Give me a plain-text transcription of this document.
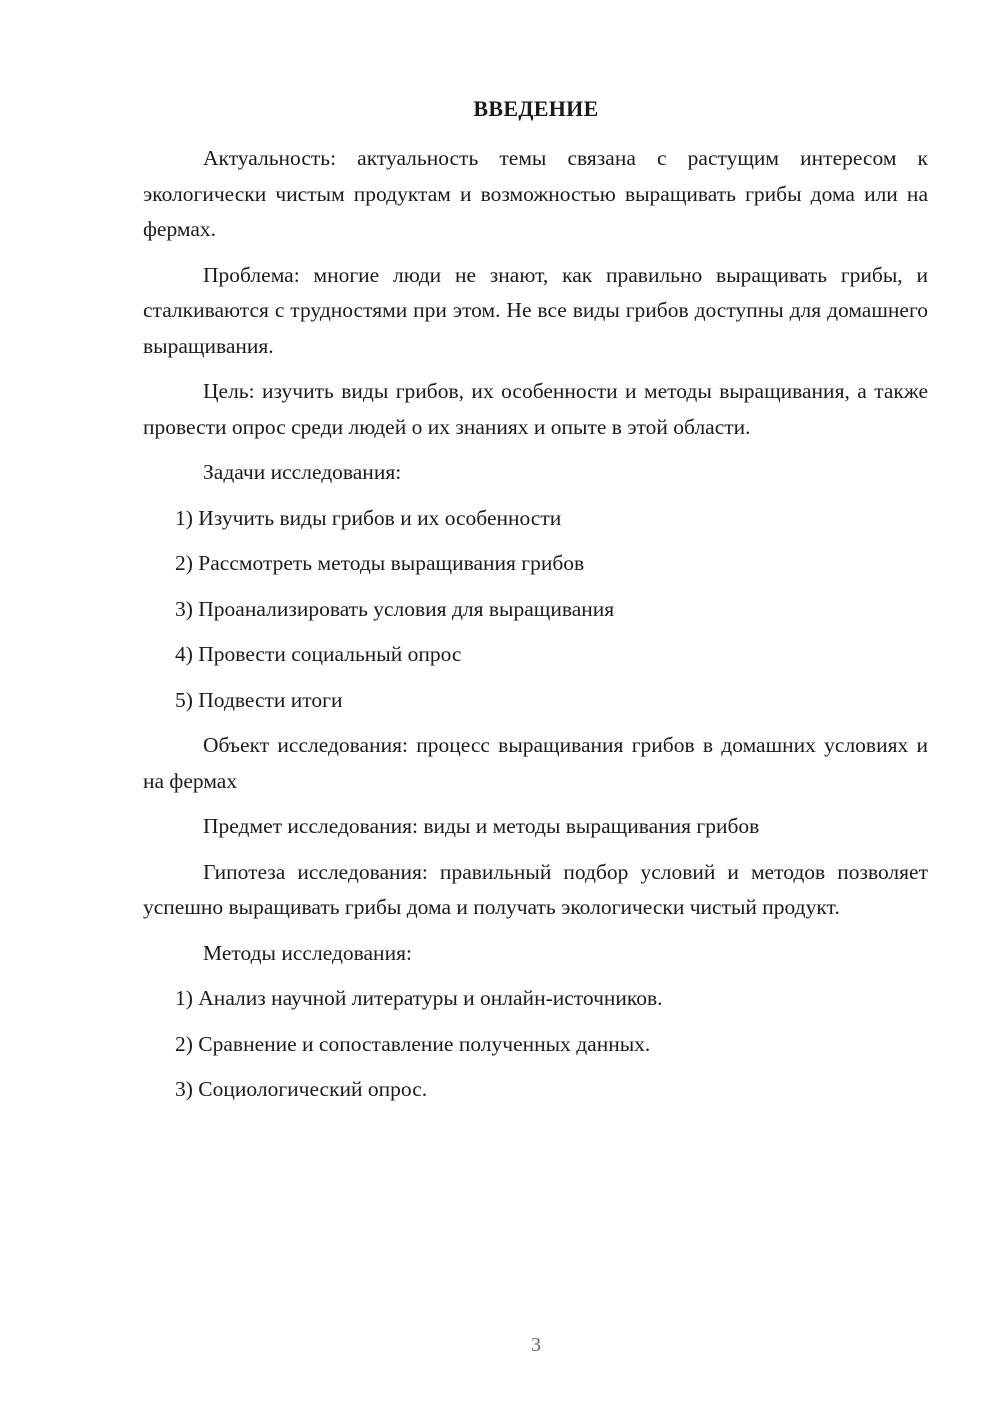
ВВЕДЕНИЕ

Актуальность: актуальность темы связана с растущим интересом к экологически чистым продуктам и возможностью выращивать грибы дома или на фермах.

Проблема: многие люди не знают, как правильно выращивать грибы, и сталкиваются с трудностями при этом. Не все виды грибов доступны для домашнего выращивания.

Цель: изучить виды грибов, их особенности и методы выращивания, а также провести опрос среди людей о их знаниях и опыте в этой области.

Задачи исследования:

1) Изучить виды грибов и их особенности

2) Рассмотреть методы выращивания грибов

3) Проанализировать условия для выращивания

4) Провести социальный опрос

5) Подвести итоги

Объект исследования: процесс выращивания грибов в домашних условиях и на фермах

Предмет исследования: виды и методы выращивания грибов

Гипотеза исследования: правильный подбор условий и методов позволяет успешно выращивать грибы дома и получать экологически чистый продукт.

Методы исследования:

1) Анализ научной литературы и онлайн-источников.

2) Сравнение и сопоставление полученных данных.

3) Социологический опрос.

3
